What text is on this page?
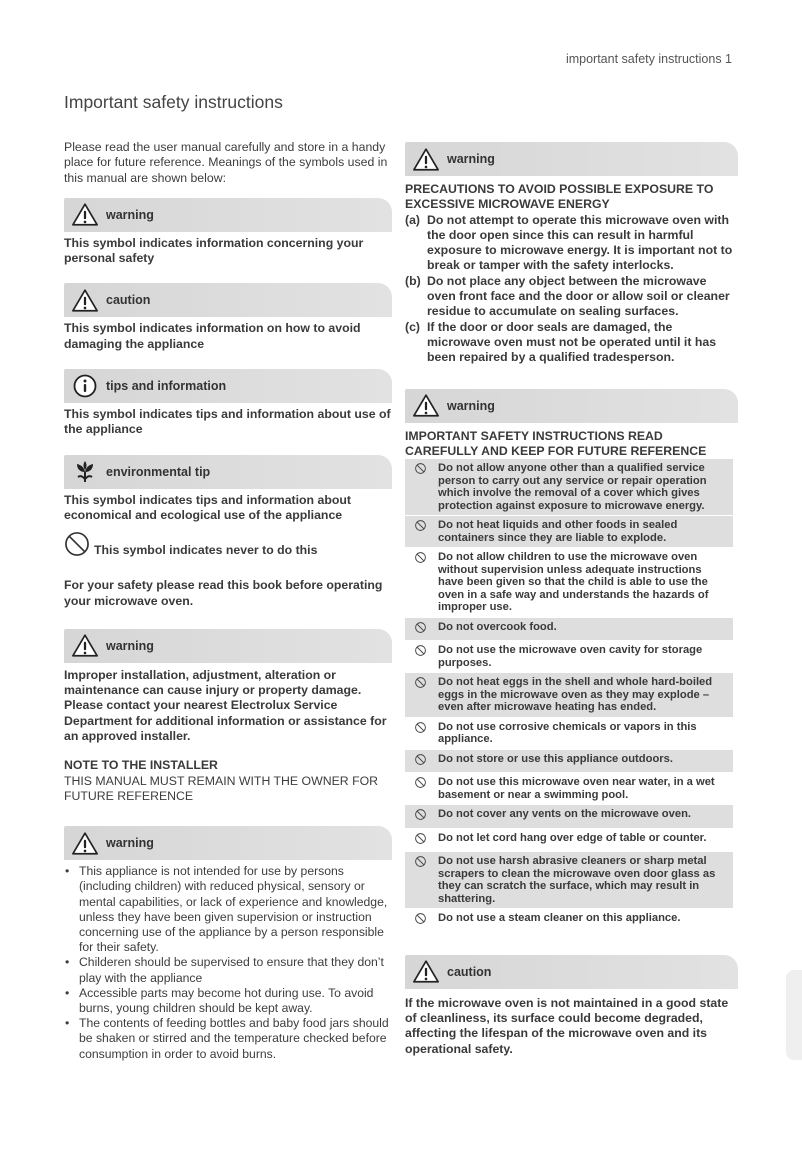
important safety instructions 1
Important safety instructions

Please read the user manual carefully and store in a handy place for future reference. Meanings of the symbols used in this manual are shown below:

warning

This symbol indicates information concerning your personal safety

caution

This symbol indicates information on how to avoid damaging the appliance

tips and information

This symbol indicates tips and information about use of the appliance

environmental tip

This symbol indicates tips and information about economical and ecological use of the appliance

This symbol indicates never to do this

For your safety please read this book before operating your microwave oven.

warning

Improper installation, adjustment, alteration or maintenance can cause injury or property damage. Please contact your nearest Electrolux Service Department for additional information or assistance for an approved installer.

NOTE TO THE INSTALLER

THIS MANUAL MUST REMAIN WITH THE OWNER FOR FUTURE REFERENCE

warning
• This appliance is not intended for use by persons (including children) with reduced physical, sensory or mental capabilities, or lack of experience and knowledge, unless they have been given supervision or instruction concerning use of the appliance by a person responsible for their safety.
• Childeren should be supervised to ensure that they don’t play with the appliance
• Accessible parts may become hot during use. To avoid burns, young children should be kept away.
• The contents of feeding bottles and baby food jars should be shaken or stirred and the temperature checked before consumption in order to avoid burns.
warning

PRECAUTIONS TO AVOID POSSIBLE EXPOSURE TO EXCESSIVE MICROWAVE ENERGY

(a) Do not attempt to operate this microwave oven with the door open since this can result in harmful exposure to microwave energy. It is important not to break or tamper with the safety interlocks.
(b) Do not place any object between the microwave oven front face and the door or allow soil or cleaner residue to accumulate on sealing surfaces.
(c) If the door or door seals are damaged, the microwave oven must not be operated until it has been repaired by a qualified tradesperson.
warning

IMPORTANT SAFETY INSTRUCTIONS READ CAREFULLY AND KEEP FOR FUTURE REFERENCE

	Do not allow anyone other than a qualified service person to carry out any service or repair operation which involve the removal of a cover which gives protection against exposure to microwave energy.
	Do not heat liquids and other foods in sealed containers since they are liable to explode.
	Do not allow children to use the microwave oven without supervision unless adequate instructions have been given so that the child is able to use the oven in a safe way and understands the hazards of improper use.
	Do not overcook food.
	Do not use the microwave oven cavity for storage purposes.
	Do not heat eggs in the shell and whole hard-boiled eggs in the microwave oven as they may explode – even after microwave heating has ended.
	Do not use corrosive chemicals or vapors in this appliance.
	Do not store or use this appliance outdoors.
	Do not use this microwave oven near water, in a wet basement or near a swimming pool.
	Do not cover any vents on the microwave oven.
	Do not let cord hang over edge of table or counter.
	Do not use harsh abrasive cleaners or sharp metal scrapers to clean the microwave oven door glass as they can scratch the surface, which may result in shattering.
	Do not use a steam cleaner on this appliance.
caution

If the microwave oven is not maintained in a good state of cleanliness, its surface could become degraded, affecting the lifespan of the microwave oven and its operational safety.
